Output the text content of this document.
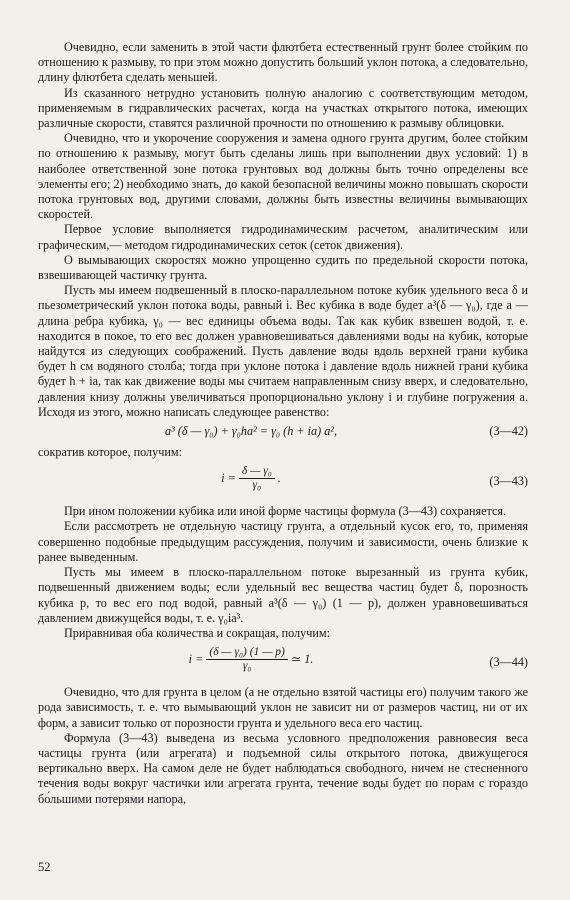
Очевидно, если заменить в этой части флютбета естественный грунт более стойким по отношению к размыву, то при этом можно допустить больший уклон потока, а следовательно, длину флютбета сделать меньшей.

Из сказанного нетрудно установить полную аналогию с соответствующим методом, применяемым в гидравлических расчетах, когда на участках открытого потока, имеющих различные скорости, ставятся различной прочности по отношению к размыву облицовки.

Очевидно, что и укорочение сооружения и замена одного грунта другим, более стойким по отношению к размыву, могут быть сделаны лишь при выполнении двух условий: 1) в наиболее ответственной зоне потока грунтовых вод должны быть точно определены все элементы его; 2) необходимо знать, до какой безопасной величины можно повышать скорости потока грунтовых вод, другими словами, должны быть известны величины вымывающих скоростей.

Первое условие выполняется гидродинамическим расчетом, аналитическим или графическим,— методом гидродинамических сеток (сеток движения).

О вымывающих скоростях можно упрощенно судить по предельной скорости потока, взвешивающей частичку грунта.

Пусть мы имеем подвешенный в плоско-параллельном потоке кубик удельного веса δ и пьезометрический уклон потока воды, равный i. Вес кубика в воде будет a³(δ — γ₀), где a — длина ребра кубика, γ₀ — вес единицы объема воды. Так как кубик взвешен водой, т. е. находится в покое, то его вес должен уравновешиваться давлениями воды на кубик, которые найдутся из следующих соображений. Пусть давление воды вдоль верхней грани кубика будет h см водяного столба; тогда при уклоне потока i давление вдоль нижней грани кубика будет h + ia, так как движение воды мы считаем направленным снизу вверх, и следовательно, давления книзу должны увеличиваться пропорционально уклону i и глубине погружения a. Исходя из этого, можно написать следующее равенство:

a³ (δ — γ₀) + γ₀ha² = γ₀ (h + ia) a²,	(3—42)

сократив которое, получим:

$i = \frac{\text{δ — γ₀}}{\text{γ₀}}$ .	(3—43)

При ином положении кубика или иной форме частицы формула (3—43) сохраняется.

Если рассмотреть не отдельную частицу грунта, а отдельный кусок его, то, применяя совершенно подобные предыдущим рассуждения, получим и зависимости, очень близкие к ранее выведенным.

Пусть мы имеем в плоско-параллельном потоке вырезанный из грунта кубик, подвешенный движением воды; если удельный вес вещества частиц будет δ, порозность кубика p, то вес его под водой, равный a³(δ — γ₀) (1 — p), должен уравновешиваться давлением движущейся воды, т. е. γ₀ia³.

Приравнивая оба количества и сокращая, получим:

$i = \frac{\text{(δ — γ₀) (1 — p)}}{\text{γ₀}}$ ≃ 1.	(3—44)

Очевидно, что для грунта в целом (а не отдельно взятой частицы его) получим такого же рода зависимость, т. е. что вымывающий уклон не зависит ни от размеров частиц, ни от их форм, а зависит только от порозности грунта и удельного веса его частиц.

Формула (3—43) выведена из весьма условного предположения равновесия веса частицы грунта (или агрегата) и подъемной силы открытого потока, движущегося вертикально вверх. На самом деле не будет наблюдаться свободного, ничем не стесненного течения воды вокруг частички или агрегата грунта, течение воды будет по порам с гораздо бо́льшими потерями напора,

52
